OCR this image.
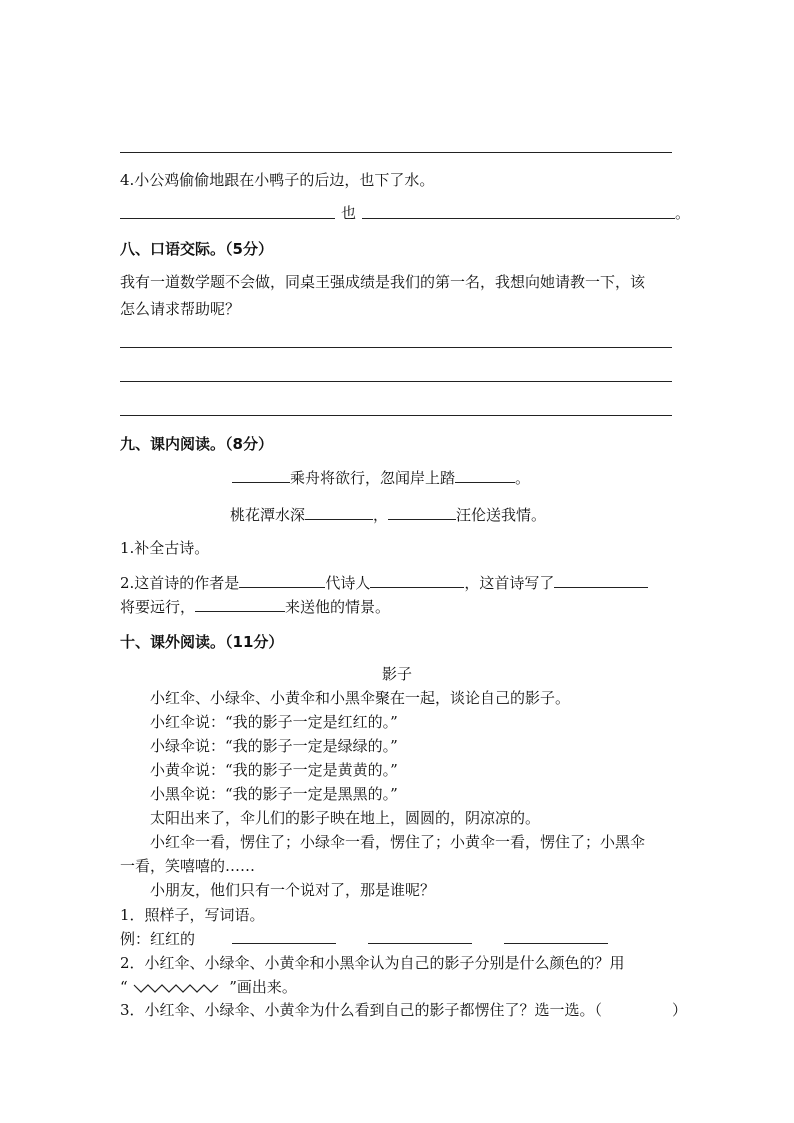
4.小公鸡偷偷地跟在小鸭子的后边，也下了水。
也	。
八、口语交际。（5分）
我有一道数学题不会做，同桌王强成绩是我们的第一名，我想向她请教一下，该
怎么请求帮助呢？
九、课内阅读。（8分）
乘舟将欲行，忽闻岸上踏	。
桃花潭水深	，	汪伦送我情。
1.补全古诗。
2.这首诗的作者是	代诗人	，这首诗写了
将要远行，	来送他的情景。
十、课外阅读。（11分）
影子
小红伞、小绿伞、小黄伞和小黑伞聚在一起，谈论自己的影子。
小红伞说：“我的影子一定是红红的。”
小绿伞说：“我的影子一定是绿绿的。”
小黄伞说：“我的影子一定是黄黄的。”
小黑伞说：“我的影子一定是黑黑的。”
太阳出来了，伞儿们的影子映在地上，圆圆的，阴凉凉的。
小红伞一看，愣住了；小绿伞一看，愣住了；小黄伞一看，愣住了；小黑伞
一看，笑嘻嘻的……
小朋友，他们只有一个说对了，那是谁呢？
1．照样子，写词语。
例：红红的
2．小红伞、小绿伞、小黄伞和小黑伞认为自己的影子分别是什么颜色的？用
“	”画出来。
3．小红伞、小绿伞、小黄伞为什么看到自己的影子都愣住了？选一选。（	）
